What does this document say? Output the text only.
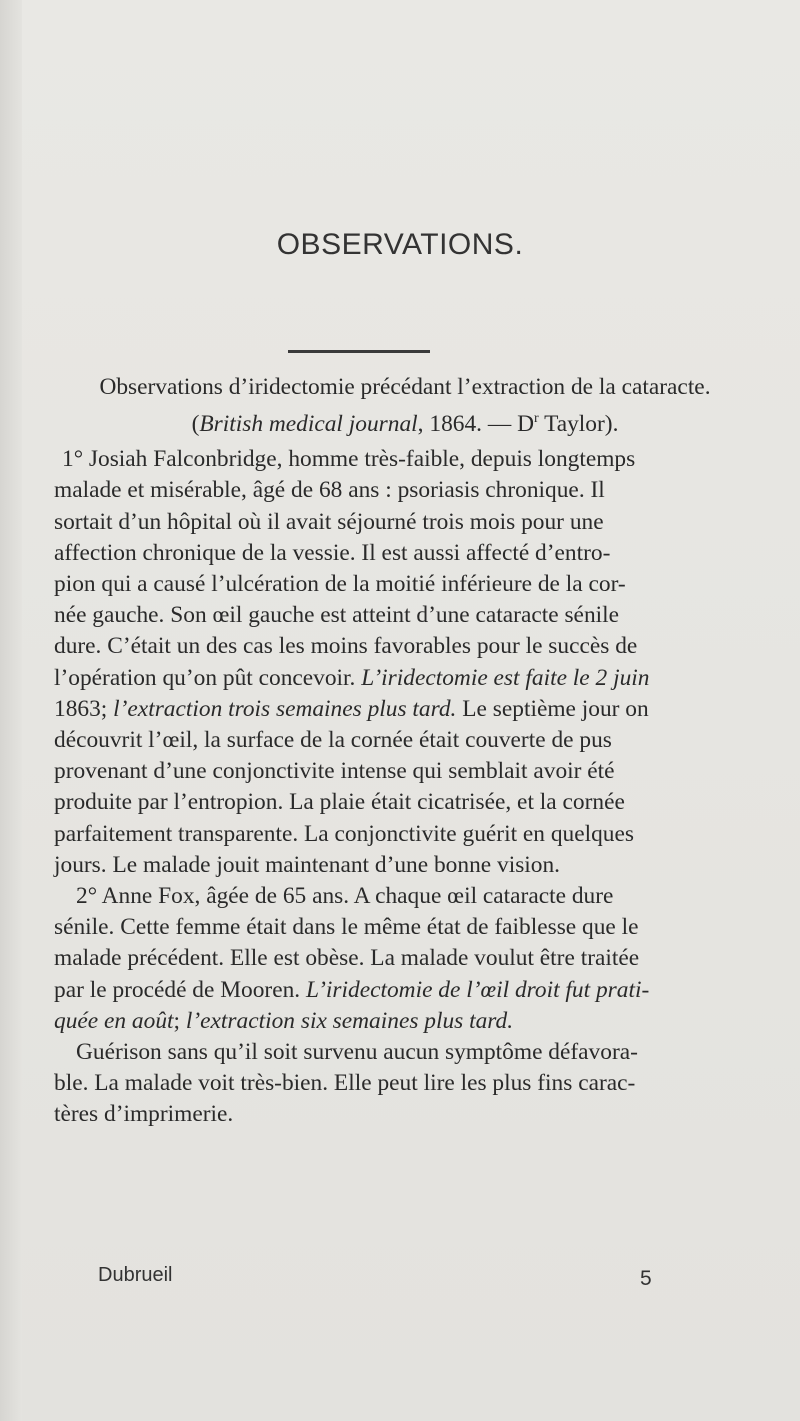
OBSERVATIONS.
Observations d’iridectomie précédant l’extraction de la cataracte.
(British medical journal, 1864. — $D^r$ Taylor).
1° Josiah Falconbridge, homme très-faible, depuis longtemps
malade et misérable, âgé de 68 ans : psoriasis chronique. Il
sortait d’un hôpital où il avait séjourné trois mois pour une
affection chronique de la vessie. Il est aussi affecté d’entro-
pion qui a causé l’ulcération de la moitié inférieure de la cor-
née gauche. Son œil gauche est atteint d’une cataracte sénile
dure. C’était un des cas les moins favorables pour le succès de
l’opération qu’on pût concevoir. L’iridectomie est faite le 2 juin
1863; l’extraction trois semaines plus tard. Le septième jour on
découvrit l’œil, la surface de la cornée était couverte de pus
provenant d’une conjonctivite intense qui semblait avoir été
produite par l’entropion. La plaie était cicatrisée, et la cornée
parfaitement transparente. La conjonctivite guérit en quelques
jours. Le malade jouit maintenant d’une bonne vision.
2° Anne Fox, âgée de 65 ans. A chaque œil cataracte dure
sénile. Cette femme était dans le même état de faiblesse que le
malade précédent. Elle est obèse. La malade voulut être traitée
par le procédé de Mooren. L’iridectomie de l’œil droit fut prati-
quée en août; l’extraction six semaines plus tard.
Guérison sans qu’il soit survenu aucun symptôme défavora-
ble. La malade voit très-bien. Elle peut lire les plus fins carac-
tères d’imprimerie.
Dubrueil	5
